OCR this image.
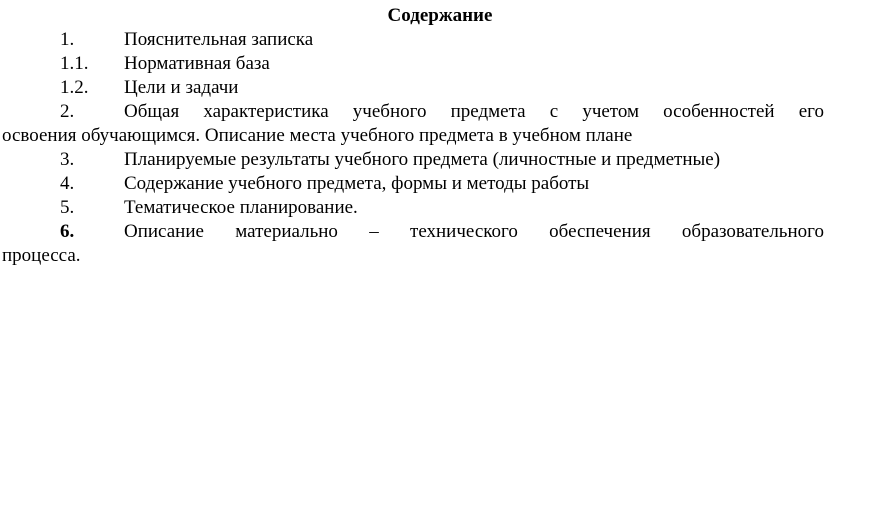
Содержание
1.	Пояснительная записка
1.1. Нормативная база
1.2. Цели и задачи
2.	Общая характеристика учебного предмета с учетом особенностей его
освоения обучающимся. Описание места учебного предмета в учебном плане
3.	Планируемые результаты учебного предмета (личностные и предметные)
4.	Содержание учебного предмета, формы и методы работы
5.	Тематическое планирование.
6.	Описание материально – технического обеспечения образовательного
процесса.
